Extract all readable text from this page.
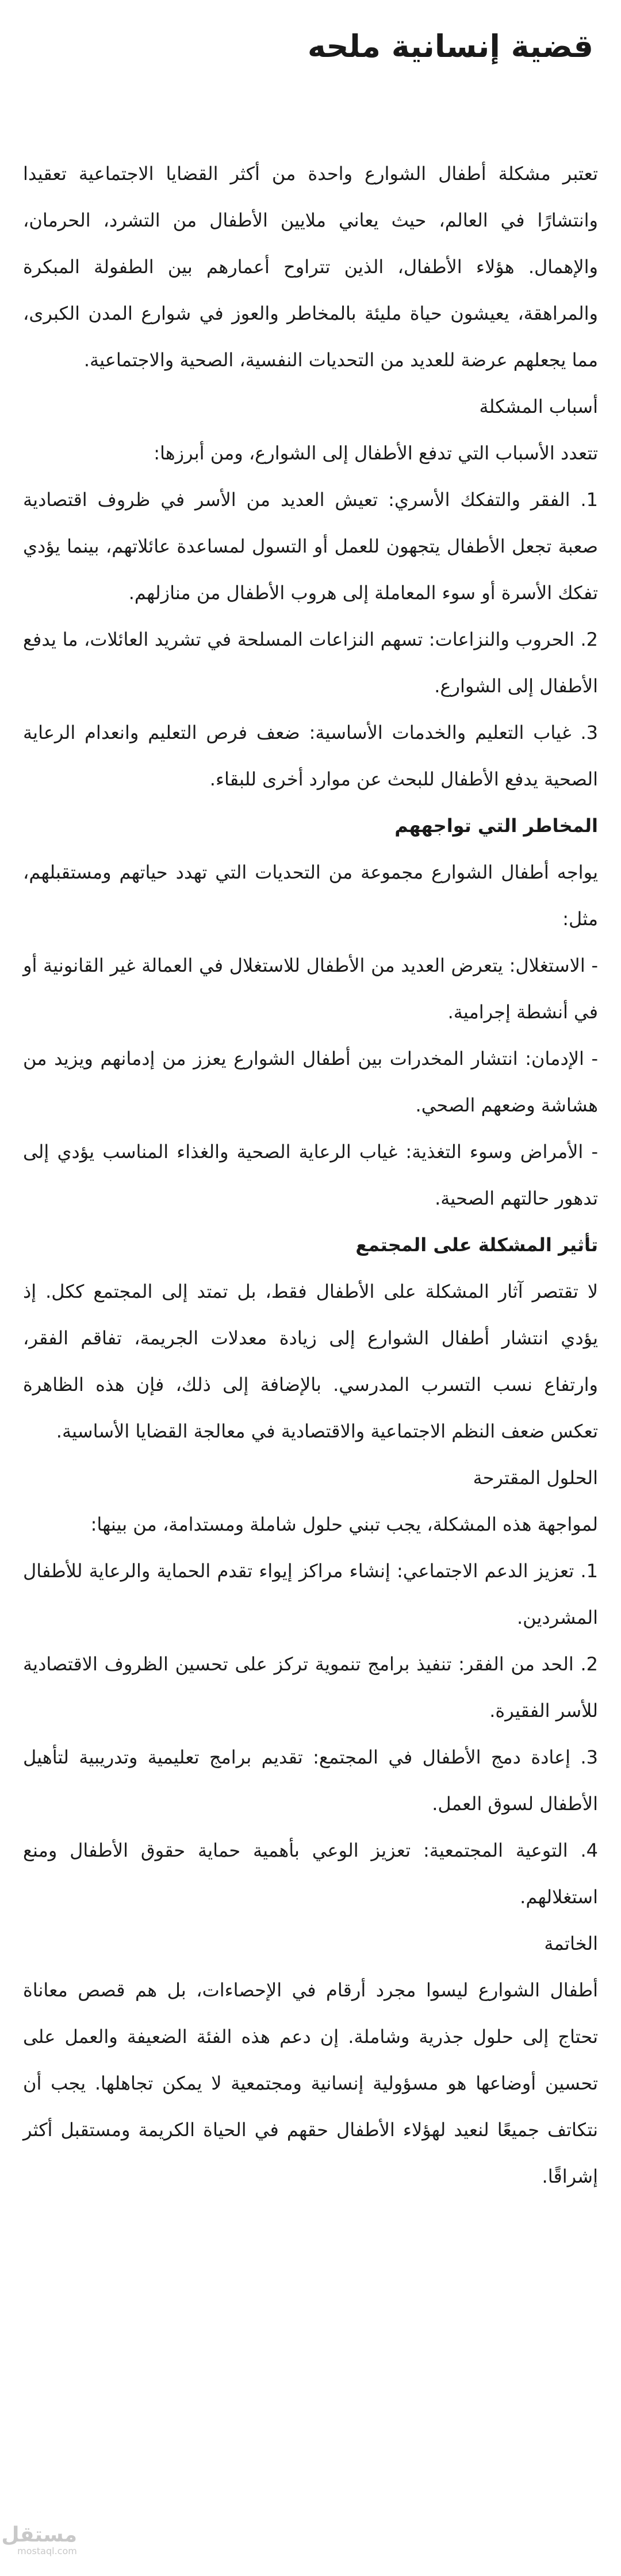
قضية إنسانية ملحه

تعتبر مشكلة أطفال الشوارع واحدة من أكثر القضايا الاجتماعية تعقيدا وانتشارًا في العالم، حيث يعاني ملايين الأطفال من التشرد، الحرمان، والإهمال. هؤلاء الأطفال، الذين تتراوح أعمارهم بين الطفولة المبكرة والمراهقة، يعيشون حياة مليئة بالمخاطر والعوز في شوارع المدن الكبرى، مما يجعلهم عرضة للعديد من التحديات النفسية، الصحية والاجتماعية.

أسباب المشكلة

تتعدد الأسباب التي تدفع الأطفال إلى الشوارع، ومن أبرزها:

1. الفقر والتفكك الأسري: تعيش العديد من الأسر في ظروف اقتصادية صعبة تجعل الأطفال يتجهون للعمل أو التسول لمساعدة عائلاتهم، بينما يؤدي تفكك الأسرة أو سوء المعاملة إلى هروب الأطفال من منازلهم.

2. الحروب والنزاعات: تسهم النزاعات المسلحة في تشريد العائلات، ما يدفع الأطفال إلى الشوارع.

3. غياب التعليم والخدمات الأساسية: ضعف فرص التعليم وانعدام الرعاية الصحية يدفع الأطفال للبحث عن موارد أخرى للبقاء.

المخاطر التي تواجههم

يواجه أطفال الشوارع مجموعة من التحديات التي تهدد حياتهم ومستقبلهم، مثل:

- الاستغلال: يتعرض العديد من الأطفال للاستغلال في العمالة غير القانونية أو في أنشطة إجرامية.

- الإدمان: انتشار المخدرات بين أطفال الشوارع يعزز من إدمانهم ويزيد من هشاشة وضعهم الصحي.

- الأمراض وسوء التغذية: غياب الرعاية الصحية والغذاء المناسب يؤدي إلى تدهور حالتهم الصحية.

تأثير المشكلة على المجتمع

لا تقتصر آثار المشكلة على الأطفال فقط، بل تمتد إلى المجتمع ككل. إذ يؤدي انتشار أطفال الشوارع إلى زيادة معدلات الجريمة، تفاقم الفقر، وارتفاع نسب التسرب المدرسي. بالإضافة إلى ذلك، فإن هذه الظاهرة تعكس ضعف النظم الاجتماعية والاقتصادية في معالجة القضايا الأساسية.

الحلول المقترحة

لمواجهة هذه المشكلة، يجب تبني حلول شاملة ومستدامة، من بينها:

1. تعزيز الدعم الاجتماعي: إنشاء مراكز إيواء تقدم الحماية والرعاية للأطفال المشردين.

2. الحد من الفقر: تنفيذ برامج تنموية تركز على تحسين الظروف الاقتصادية للأسر الفقيرة.

3. إعادة دمج الأطفال في المجتمع: تقديم برامج تعليمية وتدريبية لتأهيل الأطفال لسوق العمل.

4. التوعية المجتمعية: تعزيز الوعي بأهمية حماية حقوق الأطفال ومنع استغلالهم.

الخاتمة

أطفال الشوارع ليسوا مجرد أرقام في الإحصاءات، بل هم قصص معاناة تحتاج إلى حلول جذرية وشاملة. إن دعم هذه الفئة الضعيفة والعمل على تحسين أوضاعها هو مسؤولية إنسانية ومجتمعية لا يمكن تجاهلها. يجب أن نتكاتف جميعًا لنعيد لهؤلاء الأطفال حقهم في الحياة الكريمة ومستقبل أكثر إشراقًا.

مستقل
mostaql.com
